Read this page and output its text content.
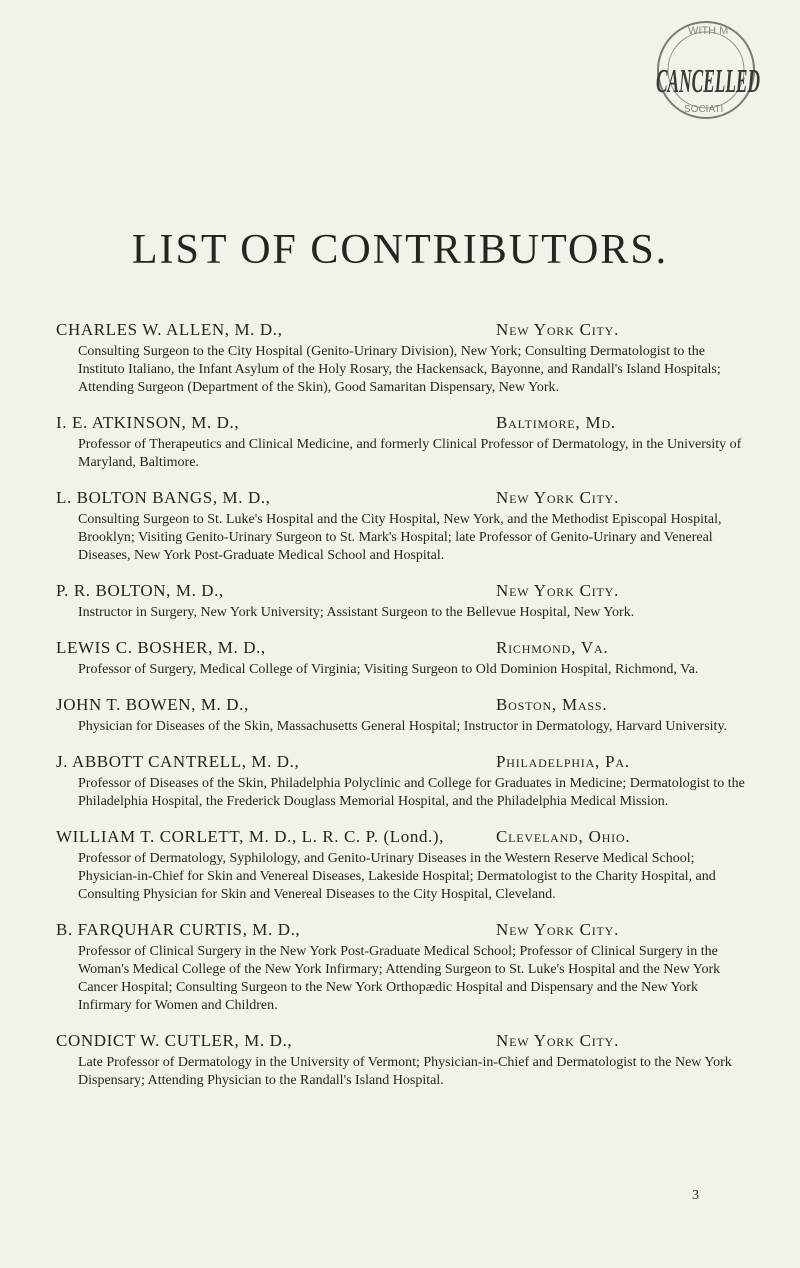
WITH M
CANCELLED
SOCIATI
LIST OF CONTRIBUTORS.
CHARLES W. ALLEN, M. D.,	New York City.

Consulting Surgeon to the City Hospital (Genito-Urinary Division), New York; Consulting Dermatologist to the Instituto Italiano, the Infant Asylum of the Holy Rosary, the Hackensack, Bayonne, and Randall's Island Hospitals; Attending Surgeon (Department of the Skin), Good Samaritan Dispensary, New York.

I. E. ATKINSON, M. D.,	Baltimore, Md.

Professor of Therapeutics and Clinical Medicine, and formerly Clinical Professor of Dermatology, in the University of Maryland, Baltimore.

L. BOLTON BANGS, M. D.,	New York City.

Consulting Surgeon to St. Luke's Hospital and the City Hospital, New York, and the Methodist Episcopal Hospital, Brooklyn; Visiting Genito-Urinary Surgeon to St. Mark's Hospital; late Professor of Genito-Urinary and Venereal Diseases, New York Post-Graduate Medical School and Hospital.

P. R. BOLTON, M. D.,	New York City.

Instructor in Surgery, New York University; Assistant Surgeon to the Bellevue Hospital, New York.

LEWIS C. BOSHER, M. D.,	Richmond, Va.

Professor of Surgery, Medical College of Virginia; Visiting Surgeon to Old Dominion Hospital, Richmond, Va.

JOHN T. BOWEN, M. D.,	Boston, Mass.

Physician for Diseases of the Skin, Massachusetts General Hospital; Instructor in Dermatology, Harvard University.

J. ABBOTT CANTRELL, M. D.,	Philadelphia, Pa.

Professor of Diseases of the Skin, Philadelphia Polyclinic and College for Graduates in Medicine; Dermatologist to the Philadelphia Hospital, the Frederick Douglass Memorial Hospital, and the Philadelphia Medical Mission.

WILLIAM T. CORLETT, M. D., L. R. C. P. (Lond.),	Cleveland, Ohio.

Professor of Dermatology, Syphilology, and Genito-Urinary Diseases in the Western Reserve Medical School; Physician-in-Chief for Skin and Venereal Diseases, Lakeside Hospital; Dermatologist to the Charity Hospital, and Consulting Physician for Skin and Venereal Diseases to the City Hospital, Cleveland.

B. FARQUHAR CURTIS, M. D.,	New York City.

Professor of Clinical Surgery in the New York Post-Graduate Medical School; Professor of Clinical Surgery in the Woman's Medical College of the New York Infirmary; Attending Surgeon to St. Luke's Hospital and the New York Cancer Hospital; Consulting Surgeon to the New York Orthopædic Hospital and Dispensary and the New York Infirmary for Women and Children.

CONDICT W. CUTLER, M. D.,	New York City.

Late Professor of Dermatology in the University of Vermont; Physician-in-Chief and Dermatologist to the New York Dispensary; Attending Physician to the Randall's Island Hospital.

3
